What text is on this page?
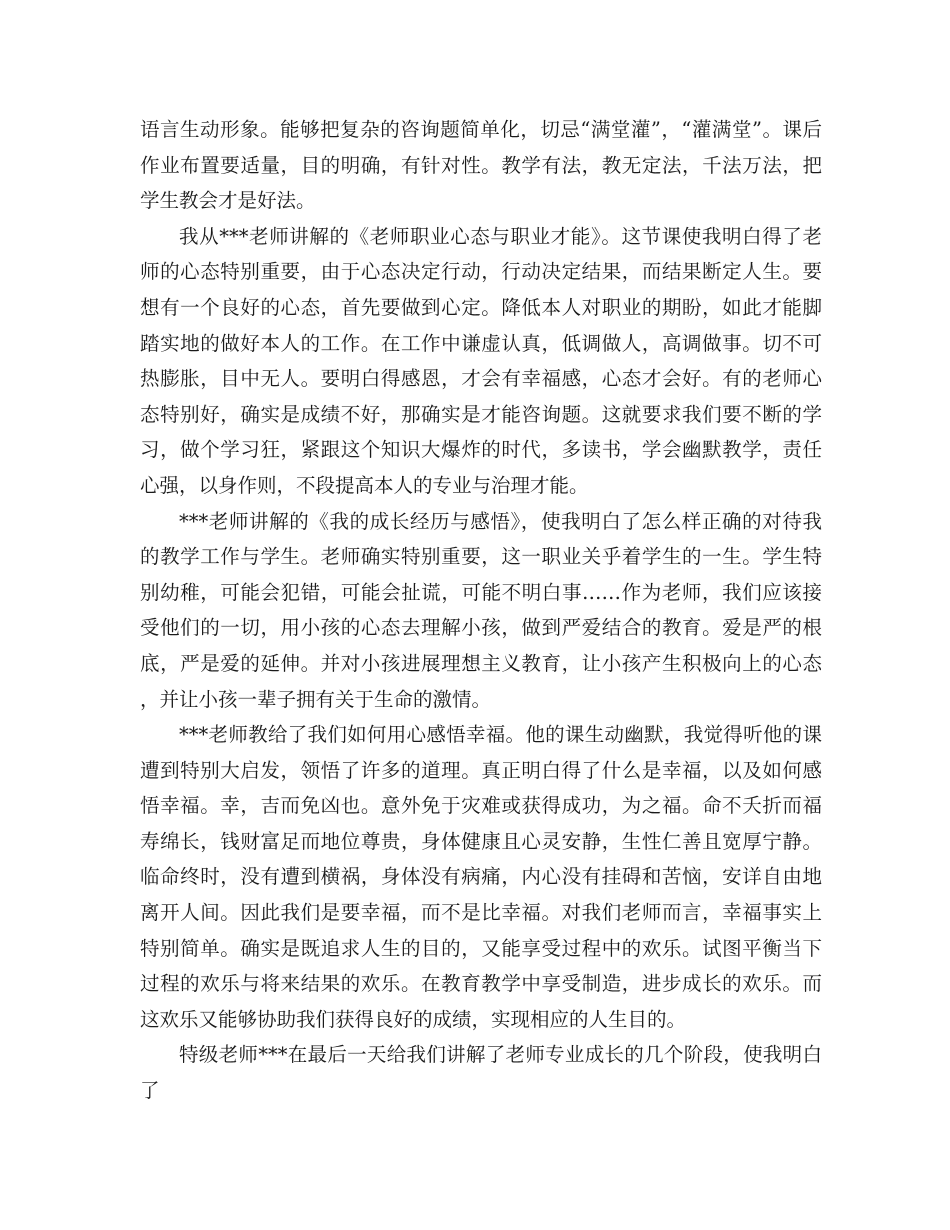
语言生动形象。能够把复杂的咨询题简单化，切忌“满堂灌”，“灌满堂”。课后作业布置要适量，目的明确，有针对性。教学有法，教无定法，千法万法，把学生教会才是好法。

我从***老师讲解的《老师职业心态与职业才能》。这节课使我明白得了老师的心态特别重要，由于心态决定行动，行动决定结果，而结果断定人生。要想有一个良好的心态，首先要做到心定。降低本人对职业的期盼，如此才能脚踏实地的做好本人的工作。在工作中谦虚认真，低调做人，高调做事。切不可热膨胀，目中无人。要明白得感恩，才会有幸福感，心态才会好。有的老师心态特别好，确实是成绩不好，那确实是才能咨询题。这就要求我们要不断的学习，做个学习狂，紧跟这个知识大爆炸的时代，多读书，学会幽默教学，责任心强，以身作则，不段提高本人的专业与治理才能。

***老师讲解的《我的成长经历与感悟》，使我明白了怎么样正确的对待我的教学工作与学生。老师确实特别重要，这一职业关乎着学生的一生。学生特别幼稚，可能会犯错，可能会扯谎，可能不明白事……作为老师，我们应该接受他们的一切，用小孩的心态去理解小孩，做到严爱结合的教育。爱是严的根底，严是爱的延伸。并对小孩进展理想主义教育，让小孩产生积极向上的心态，并让小孩一辈子拥有关于生命的激情。

***老师教给了我们如何用心感悟幸福。他的课生动幽默，我觉得听他的课遭到特别大启发，领悟了许多的道理。真正明白得了什么是幸福，以及如何感悟幸福。幸，吉而免凶也。意外免于灾难或获得成功，为之福。命不夭折而福寿绵长，钱财富足而地位尊贵，身体健康且心灵安静，生性仁善且宽厚宁静。临命终时，没有遭到横祸，身体没有病痛，内心没有挂碍和苦恼，安详自由地离开人间。因此我们是要幸福，而不是比幸福。对我们老师而言，幸福事实上特别简单。确实是既追求人生的目的，又能享受过程中的欢乐。试图平衡当下过程的欢乐与将来结果的欢乐。在教育教学中享受制造，进步成长的欢乐。而这欢乐又能够协助我们获得良好的成绩，实现相应的人生目的。

特级老师***在最后一天给我们讲解了老师专业成长的几个阶段，使我明白了
